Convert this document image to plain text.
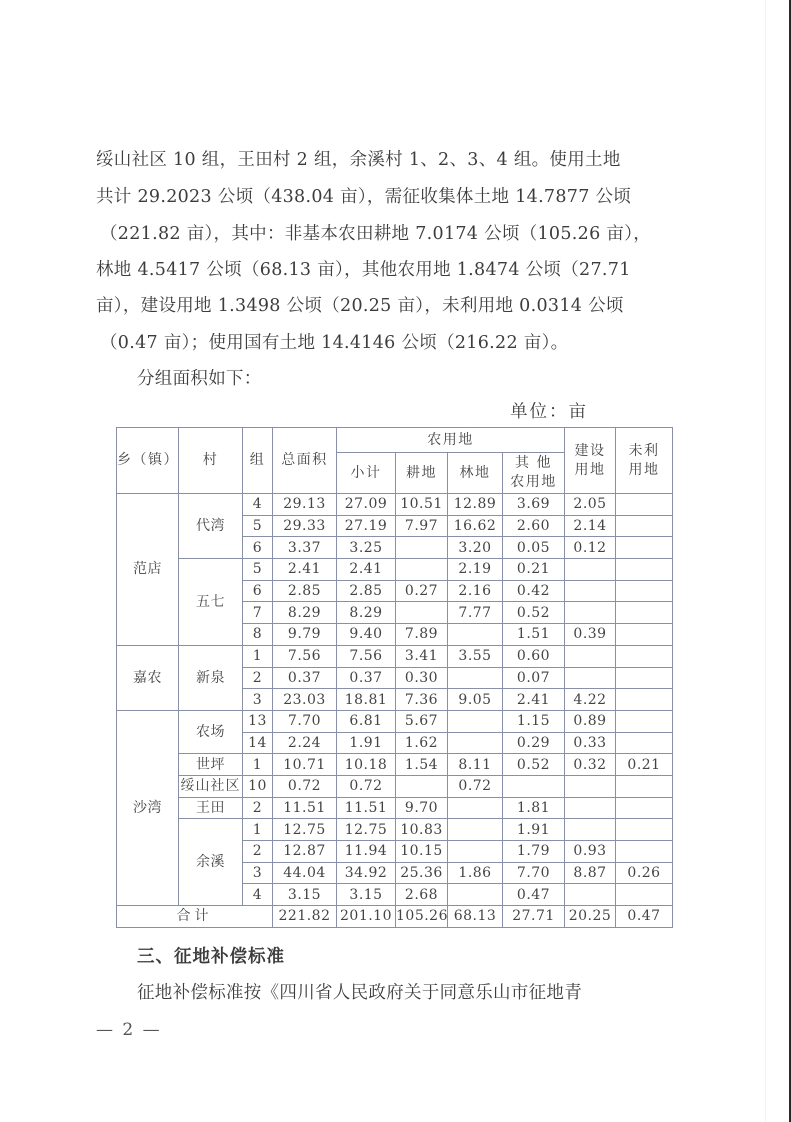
绥山社区 10 组，王田村 2 组，余溪村 1、2、3、4 组。使用土地
共计 29.2023 公顷（438.04 亩），需征收集体土地 14.7877 公顷
（221.82 亩），其中：非基本农田耕地 7.0174 公顷（105.26 亩），
林地 4.5417 公顷（68.13 亩），其他农用地 1.8474 公顷（27.71
亩），建设用地 1.3498 公顷（20.25 亩），未利用地 0.0314 公顷
（0.47 亩）；使用国有土地 14.4146 公顷（216.22 亩）。
分组面积如下：
单位：亩
乡（镇）	村	组	总面积	农用地				建设 用地	未利 用地
				小计	耕地	林地	其 他 农用地		
范店	代湾	4	29.13	27.09	10.51	12.89	3.69	2.05	
		5	29.33	27.19	7.97	16.62	2.60	2.14	
		6	3.37	3.25		3.20	0.05	0.12	
	五七	5	2.41	2.41		2.19	0.21		
		6	2.85	2.85	0.27	2.16	0.42		
		7	8.29	8.29		7.77	0.52		
		8	9.79	9.40	7.89		1.51	0.39	
嘉农	新泉	1	7.56	7.56	3.41	3.55	0.60		
		2	0.37	0.37	0.30		0.07		
		3	23.03	18.81	7.36	9.05	2.41	4.22	
沙湾	农场	13	7.70	6.81	5.67		1.15	0.89	
		14	2.24	1.91	1.62		0.29	0.33	
	世坪	1	10.71	10.18	1.54	8.11	0.52	0.32	0.21
	绥山社区	10	0.72	0.72		0.72			
	王田	2	11.51	11.51	9.70		1.81		
	余溪	1	12.75	12.75	10.83		1.91		
		2	12.87	11.94	10.15		1.79	0.93	
		3	44.04	34.92	25.36	1.86	7.70	8.87	0.26
		4	3.15	3.15	2.68		0.47		
合计			221.82	201.10	105.26	68.13	27.71	20.25	0.47
三、征地补偿标准
征地补偿标准按《四川省人民政府关于同意乐山市征地青
— 2 —
